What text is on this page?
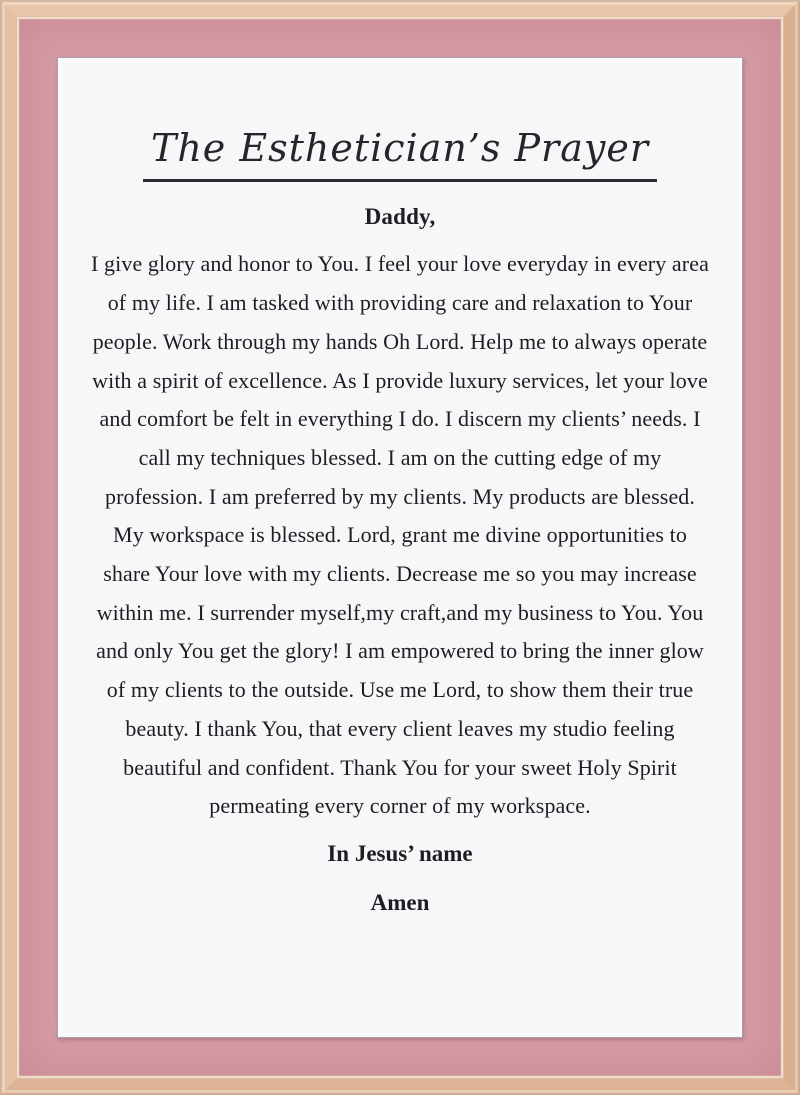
The Esthetician’s Prayer
Daddy,
I give glory and honor to You. I feel your love everyday in every area
of my life. I am tasked with providing care and relaxation to Your
people. Work through my hands Oh Lord. Help me to always operate
with a spirit of excellence. As I provide luxury services, let your love
and comfort be felt in everything I do. I discern my clients’ needs. I
call my techniques blessed. I am on the cutting edge of my
profession. I am preferred by my clients. My products are blessed.
My workspace is blessed. Lord, grant me divine opportunities to
share Your love with my clients. Decrease me so you may increase
within me. I surrender myself,my craft,and my business to You. You
and only You get the glory! I am empowered to bring the inner glow
of my clients to the outside. Use me Lord, to show them their true
beauty. I thank You, that every client leaves my studio feeling
beautiful and confident. Thank You for your sweet Holy Spirit
permeating every corner of my workspace.
In Jesus’ name
Amen
